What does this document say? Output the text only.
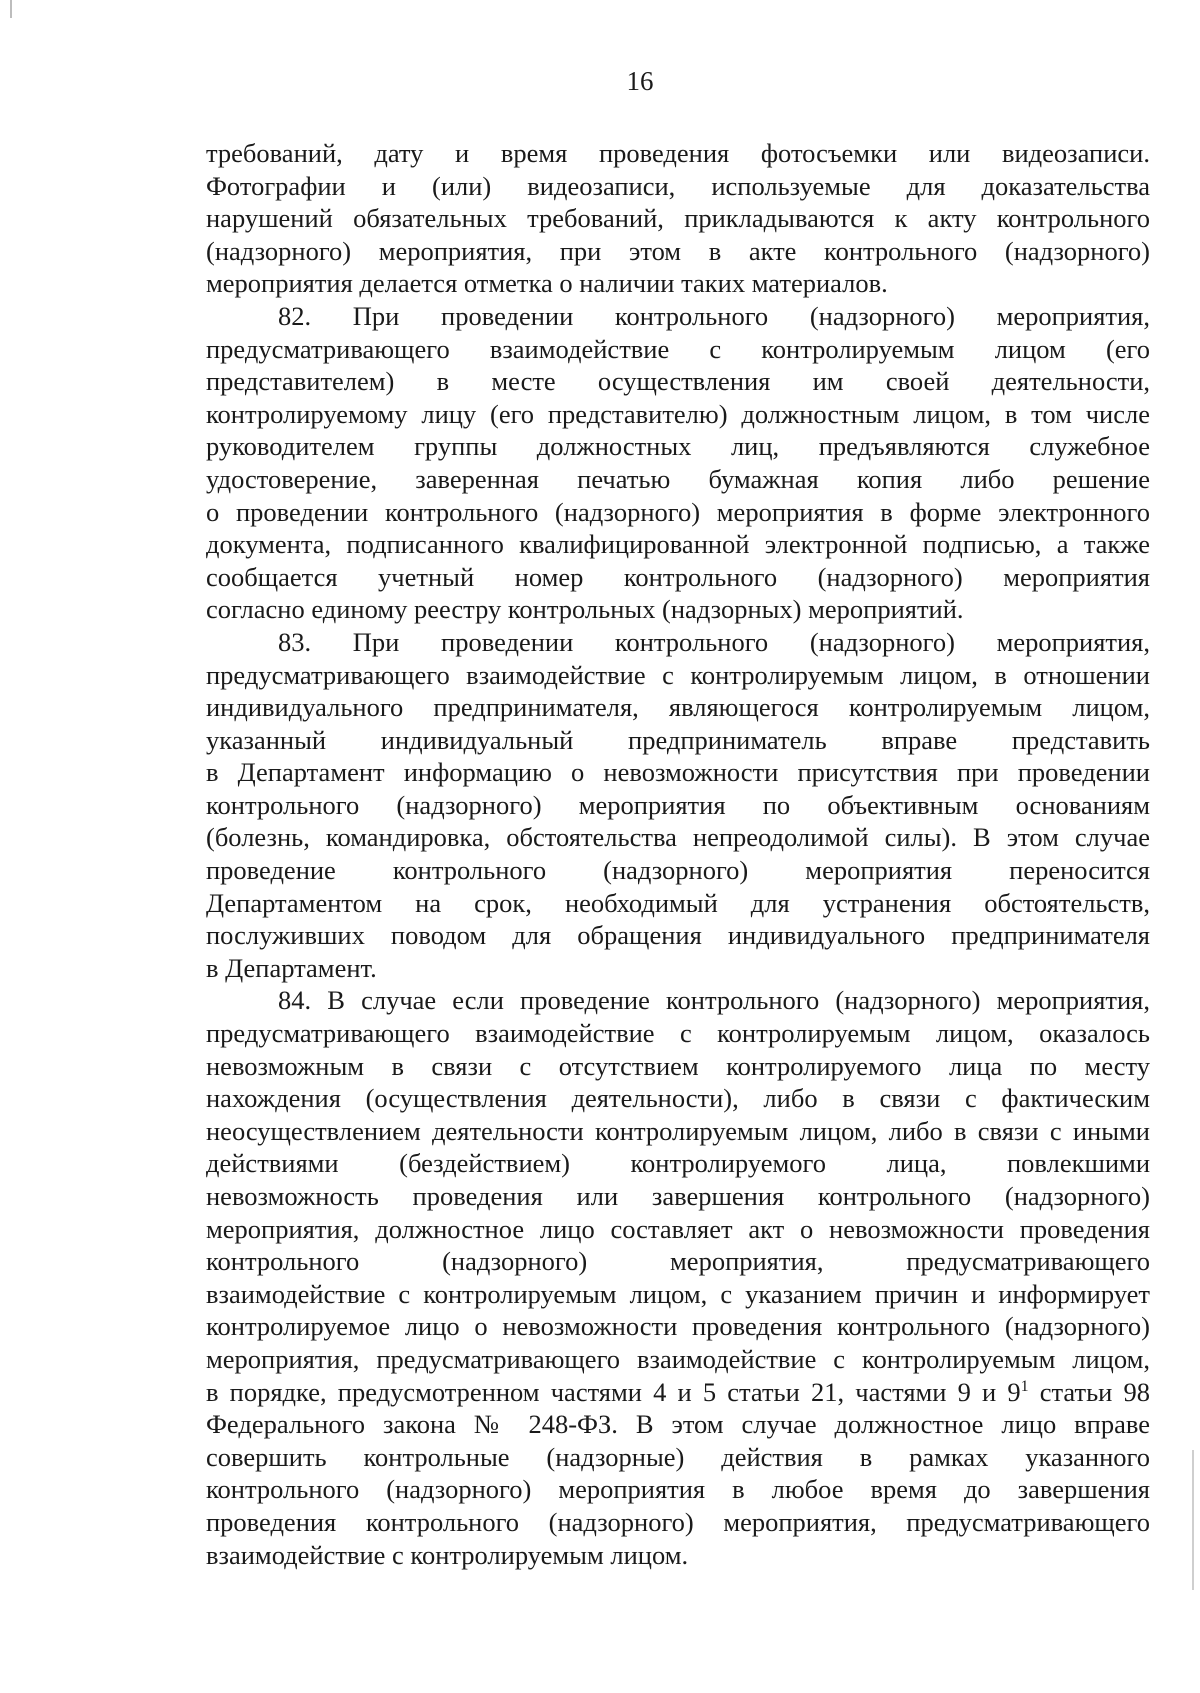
16
требований, дату и время проведения фотосъемки или видеозаписи.
Фотографии и (или) видеозаписи, используемые для доказательства
нарушений обязательных требований, прикладываются к акту контрольного
(надзорного) мероприятия, при этом в акте контрольного (надзорного)
мероприятия делается отметка о наличии таких материалов.
82. При проведении контрольного (надзорного) мероприятия,
предусматривающего взаимодействие с контролируемым лицом (его
представителем) в месте осуществления им своей деятельности,
контролируемому лицу (его представителю) должностным лицом, в том числе
руководителем группы должностных лиц, предъявляются служебное
удостоверение, заверенная печатью бумажная копия либо решение
о проведении контрольного (надзорного) мероприятия в форме электронного
документа, подписанного квалифицированной электронной подписью, а также
сообщается учетный номер контрольного (надзорного) мероприятия
согласно единому реестру контрольных (надзорных) мероприятий.
83. При проведении контрольного (надзорного) мероприятия,
предусматривающего взаимодействие с контролируемым лицом, в отношении
индивидуального предпринимателя, являющегося контролируемым лицом,
указанный индивидуальный предприниматель вправе представить
в Департамент информацию о невозможности присутствия при проведении
контрольного (надзорного) мероприятия по объективным основаниям
(болезнь, командировка, обстоятельства непреодолимой силы). В этом случае
проведение контрольного (надзорного) мероприятия переносится
Департаментом на срок, необходимый для устранения обстоятельств,
послуживших поводом для обращения индивидуального предпринимателя
в Департамент.
84. В случае если проведение контрольного (надзорного) мероприятия,
предусматривающего взаимодействие с контролируемым лицом, оказалось
невозможным в связи с отсутствием контролируемого лица по месту
нахождения (осуществления деятельности), либо в связи с фактическим
неосуществлением деятельности контролируемым лицом, либо в связи с иными
действиями (бездействием) контролируемого лица, повлекшими
невозможность проведения или завершения контрольного (надзорного)
мероприятия, должностное лицо составляет акт о невозможности проведения
контрольного (надзорного) мероприятия, предусматривающего
взаимодействие с контролируемым лицом, с указанием причин и информирует
контролируемое лицо о невозможности проведения контрольного (надзорного)
мероприятия, предусматривающего взаимодействие с контролируемым лицом,
в порядке, предусмотренном частями 4 и 5 статьи 21, частями 9 и $9^1$ статьи 98
Федерального закона № 248-ФЗ. В этом случае должностное лицо вправе
совершить контрольные (надзорные) действия в рамках указанного
контрольного (надзорного) мероприятия в любое время до завершения
проведения контрольного (надзорного) мероприятия, предусматривающего
взаимодействие с контролируемым лицом.
